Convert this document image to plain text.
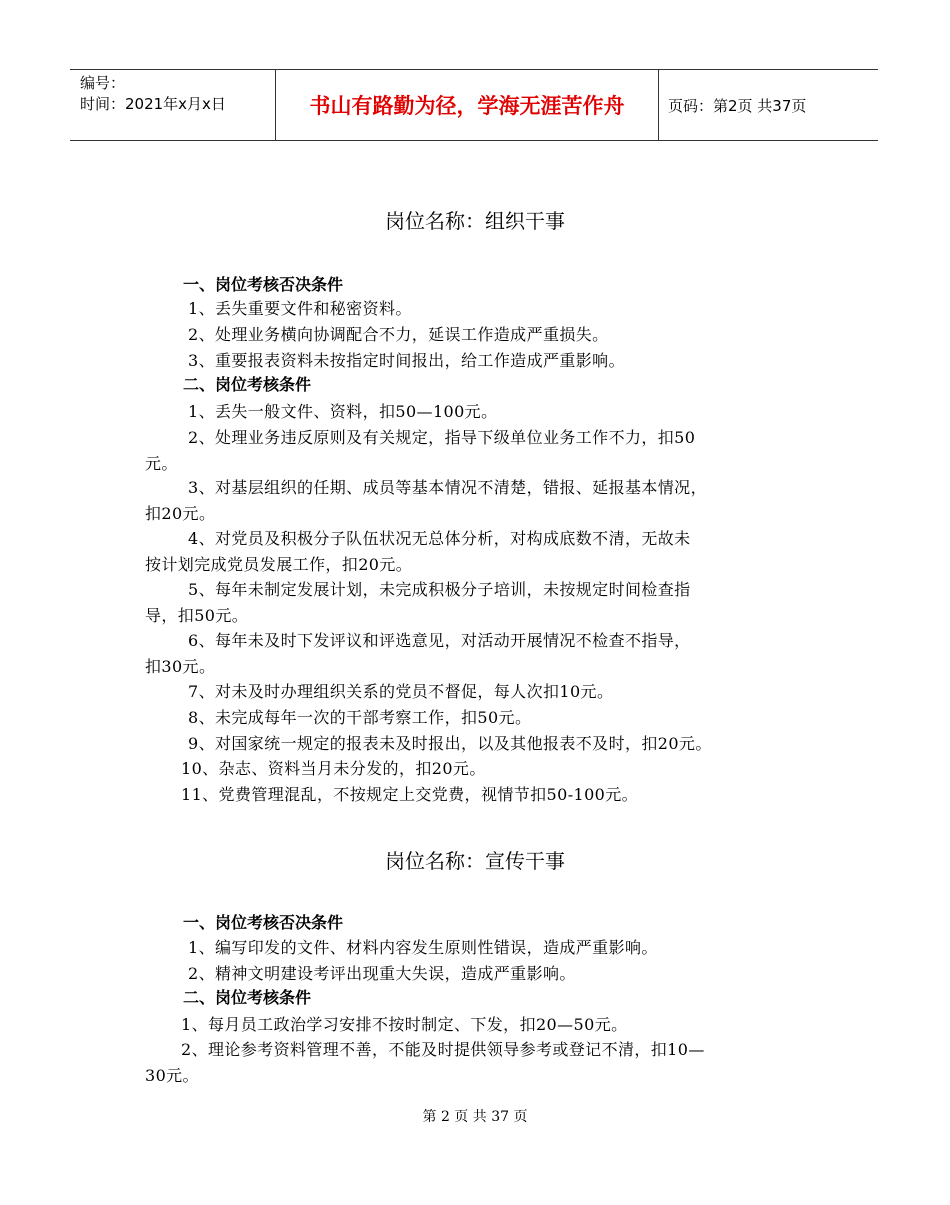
编号：
时间：2021年x月x日	书山有路勤为径，学海无涯苦作舟	页码：第2页 共37页
岗位名称：组织干事
一、岗位考核否决条件
1、丢失重要文件和秘密资料。
2、处理业务横向协调配合不力，延误工作造成严重损失。
3、重要报表资料未按指定时间报出，给工作造成严重影响。
二、岗位考核条件
1、丢失一般文件、资料，扣50—100元。
2、处理业务违反原则及有关规定，指导下级单位业务工作不力，扣50
元。
3、对基层组织的任期、成员等基本情况不清楚，错报、延报基本情况，
扣20元。
4、对党员及积极分子队伍状况无总体分析，对构成底数不清，无故未
按计划完成党员发展工作，扣20元。
5、每年未制定发展计划，未完成积极分子培训，未按规定时间检查指
导，扣50元。
6、每年未及时下发评议和评选意见，对活动开展情况不检查不指导，
扣30元。
7、对未及时办理组织关系的党员不督促，每人次扣10元。
8、未完成每年一次的干部考察工作，扣50元。
9、对国家统一规定的报表未及时报出，以及其他报表不及时，扣20元。
10、杂志、资料当月未分发的，扣20元。
11、党费管理混乱，不按规定上交党费，视情节扣50-100元。
岗位名称：宣传干事
一、岗位考核否决条件
1、编写印发的文件、材料内容发生原则性错误，造成严重影响。
2、精神文明建设考评出现重大失误，造成严重影响。
二、岗位考核条件
1、每月员工政治学习安排不按时制定、下发，扣20—50元。
2、理论参考资料管理不善，不能及时提供领导参考或登记不清，扣10—
30元。
第 2 页 共 37 页
